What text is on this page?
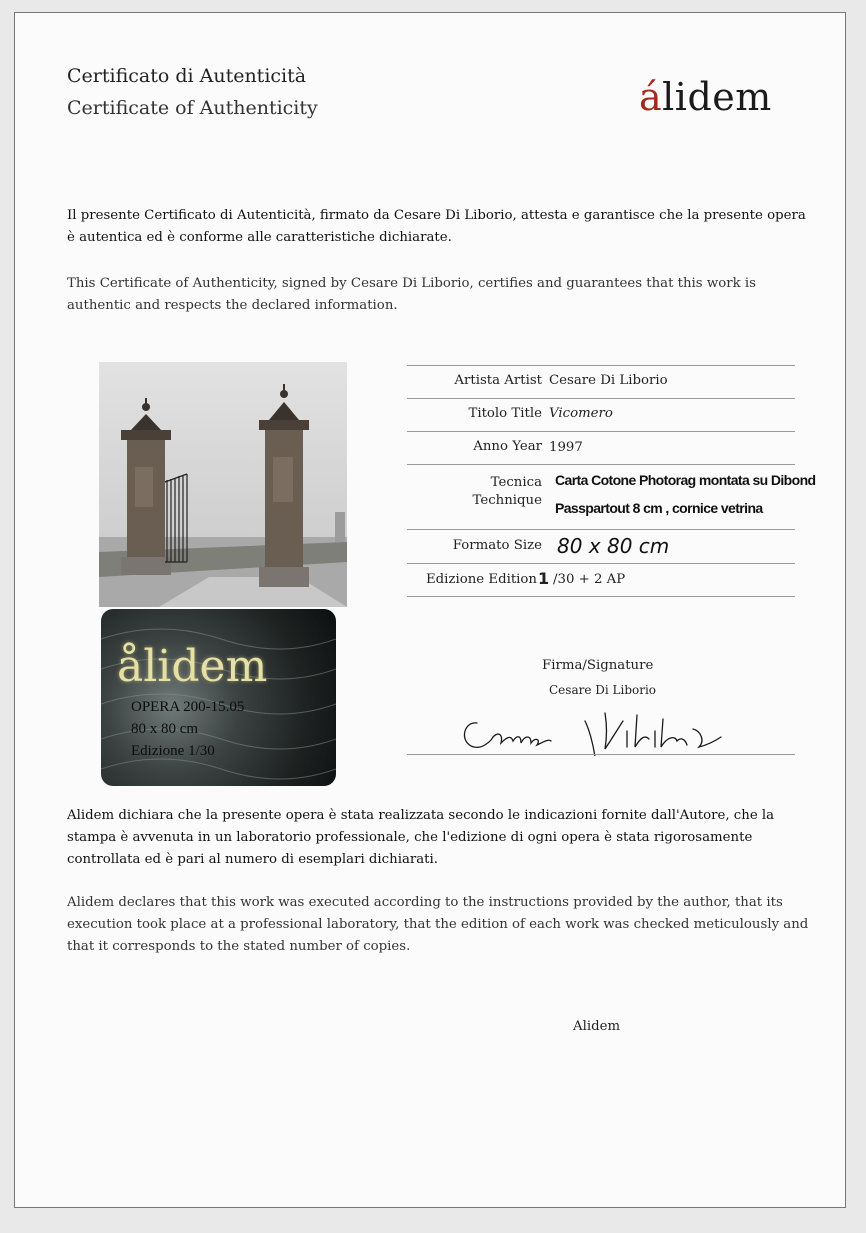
Certificato di Autenticità
Certificate of Authenticity	álidem
Il presente Certificato di Autenticità, firmato da Cesare Di Liborio, attesta e garantisce che la presente opera è autentica ed è conforme alle caratteristiche dichiarate.
This Certificate of Authenticity, signed by Cesare Di Liborio, certifies and guarantees that this work is authentic and respects the declared information.
ålidem
OPERA 200-15.05
80 x 80 cm
Edizione 1/30
Artista Artist Cesare Di Liborio
Titolo Title Vicomero
Anno Year 1997
Tecnica
Technique
Carta Cotone Photorag montata su Dibond
Passpartout 8 cm , cornice vetrina
Formato Size 80 x 80 cm
Edizione Edition 1 /30 + 2 AP
Firma/Signature
Cesare Di Liborio
Alidem dichiara che la presente opera è stata realizzata secondo le indicazioni fornite dall'Autore, che la stampa è avvenuta in un laboratorio professionale, che l'edizione di ogni opera è stata rigorosamente controllata ed è pari al numero di esemplari dichiarati.
Alidem declares that this work was executed according to the instructions provided by the author, that its execution took place at a professional laboratory, that the edition of each work was checked meticulously and that it corresponds to the stated number of copies.
Alidem
